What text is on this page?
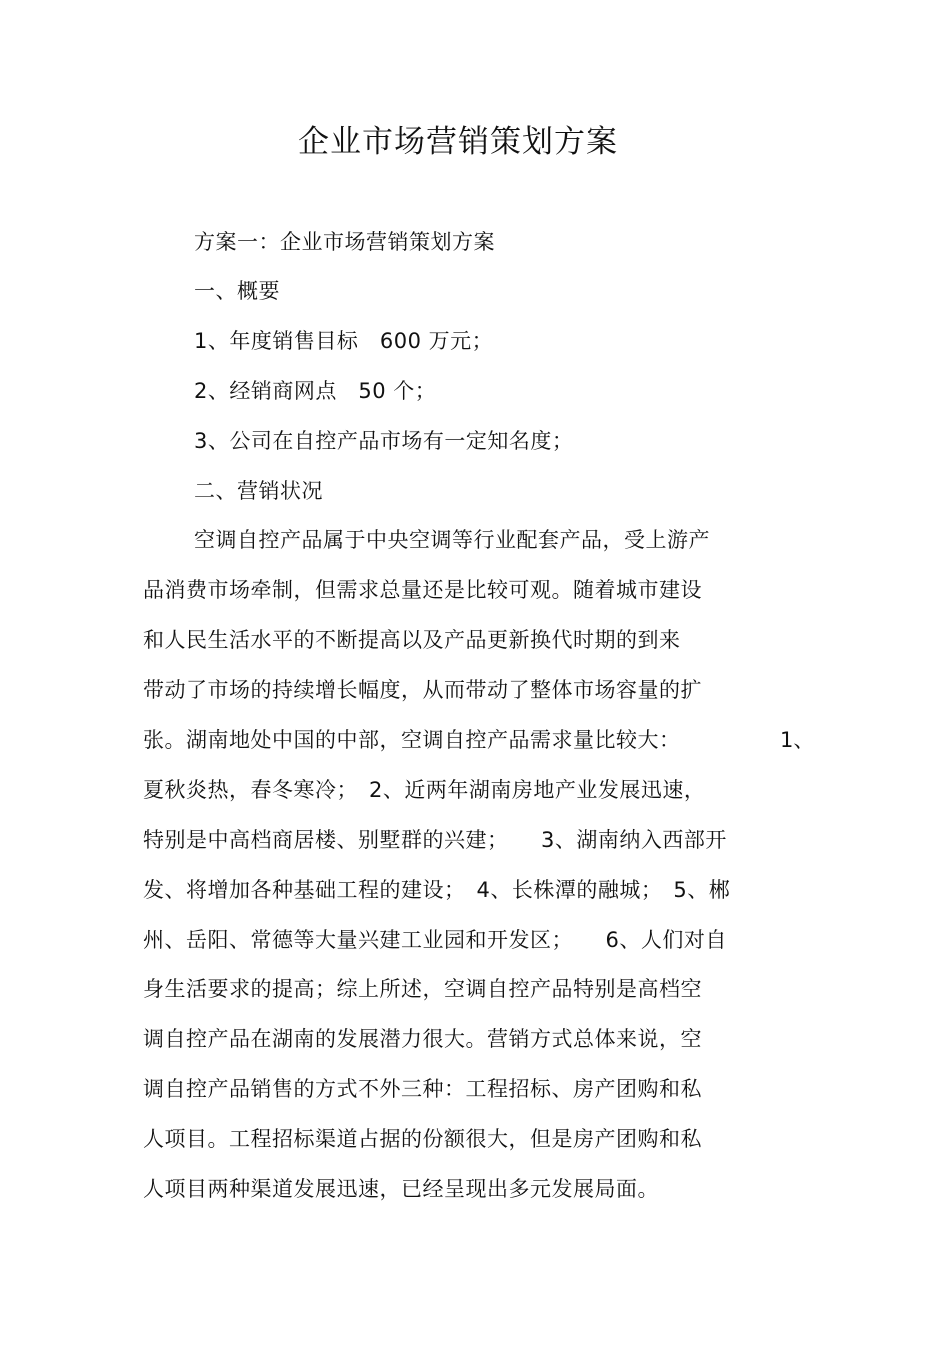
企业市场营销策划方案
方案一：企业市场营销策划方案
一、概要
1、年度销售目标　600 万元；
2、经销商网点　50 个；
3、公司在自控产品市场有一定知名度；
二、营销状况
空调自控产品属于中央空调等行业配套产品，受上游产
品消费市场牵制，但需求总量还是比较可观。随着城市建设
和人民生活水平的不断提高以及产品更新换代时期的到来
带动了市场的持续增长幅度，从而带动了整体市场容量的扩
张。湖南地处中国的中部，空调自控产品需求量比较大：	1、
夏秋炎热，春冬寒冷；　2、近两年湖南房地产业发展迅速，
特别是中高档商居楼、别墅群的兴建；　　3、湖南纳入西部开
发、将增加各种基础工程的建设；　4、长株潭的融城；　5、郴
州、岳阳、常德等大量兴建工业园和开发区；　　6、人们对自
身生活要求的提高；综上所述，空调自控产品特别是高档空
调自控产品在湖南的发展潜力很大。营销方式总体来说，空
调自控产品销售的方式不外三种：工程招标、房产团购和私
人项目。工程招标渠道占据的份额很大，但是房产团购和私
人项目两种渠道发展迅速，已经呈现出多元发展局面。
